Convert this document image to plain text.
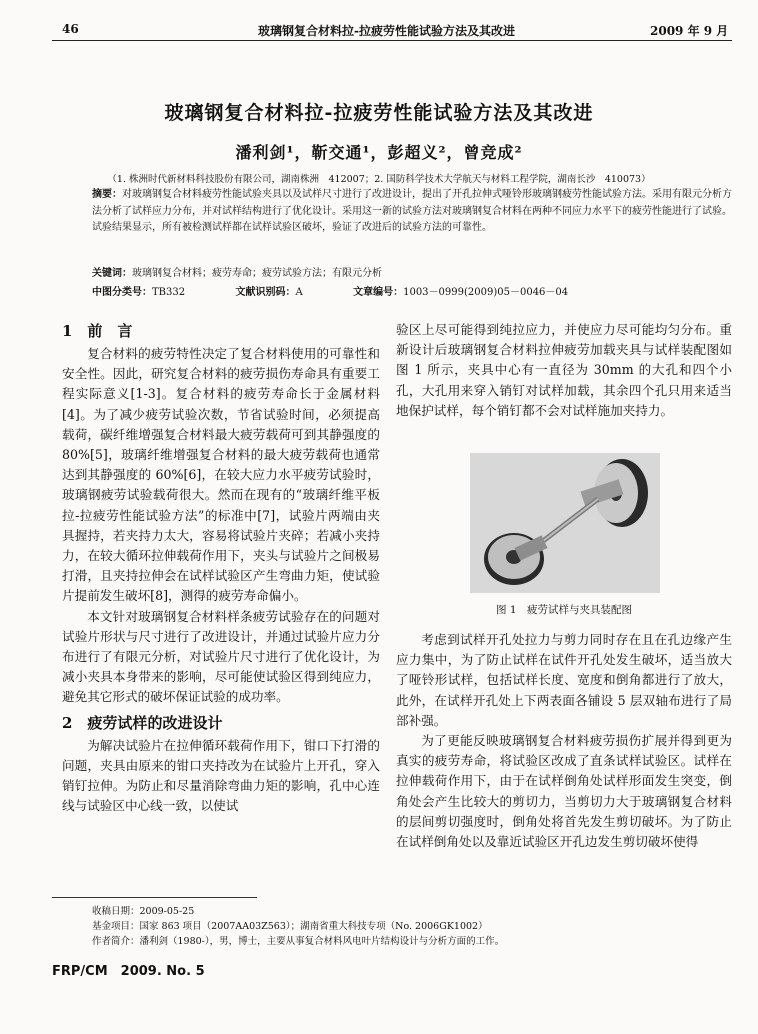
46	玻璃钢复合材料拉-拉疲劳性能试验方法及其改进	2009 年 9 月
玻璃钢复合材料拉-拉疲劳性能试验方法及其改进
潘利剑¹，靳交通¹，彭超义²，曾竞成²
（1. 株洲时代新材料科技股份有限公司，湖南株洲　412007；2. 国防科学技术大学航天与材料工程学院，湖南长沙　410073）
摘要：对玻璃钢复合材料疲劳性能试验夹具以及试样尺寸进行了改进设计，提出了开孔拉伸式哑铃形玻璃钢疲劳性能试验方法。采用有限元分析方法分析了试样应力分布，并对试样结构进行了优化设计。采用这一新的试验方法对玻璃钢复合材料在两种不同应力水平下的疲劳性能进行了试验。试验结果显示，所有被检测试样都在试样试验区破坏，验证了改进后的试验方法的可靠性。
关键词：玻璃钢复合材料；疲劳寿命；疲劳试验方法；有限元分析
中图分类号：TB332	文献识别码：A	文章编号：1003－0999(2009)05－0046－04
1　前　言

复合材料的疲劳特性决定了复合材料使用的可靠性和安全性。因此，研究复合材料的疲劳损伤寿命具有重要工程实际意义[1-3]。复合材料的疲劳寿命长于金属材料[4]。为了减少疲劳试验次数，节省试验时间，必须提高载荷，碳纤维增强复合材料最大疲劳载荷可到其静强度的 80%[5]，玻璃纤维增强复合材料的最大疲劳载荷也通常达到其静强度的 60%[6]，在较大应力水平疲劳试验时，玻璃钢疲劳试验载荷很大。然而在现有的“玻璃纤维平板拉-拉疲劳性能试验方法”的标准中[7]，试验片两端由夹具握持，若夹持力太大，容易将试验片夹碎；若减小夹持力，在较大循环拉伸载荷作用下，夹头与试验片之间极易打滑，且夹持拉伸会在试样试验区产生弯曲力矩，使试验片提前发生破坏[8]，测得的疲劳寿命偏小。

本文针对玻璃钢复合材料样条疲劳试验存在的问题对试验片形状与尺寸进行了改进设计，并通过试验片应力分布进行了有限元分析，对试验片尺寸进行了优化设计，为减小夹具本身带来的影响，尽可能使试验区得到纯应力，避免其它形式的破坏保证试验的成功率。

2　疲劳试样的改进设计

为解决试验片在拉伸循环载荷作用下，钳口下打滑的问题，夹具由原来的钳口夹持改为在试验片上开孔，穿入销钉拉伸。为防止和尽量消除弯曲力矩的影响，孔中心连线与试验区中心线一致，以使试

验区上尽可能得到纯拉应力，并使应力尽可能均匀分布。重新设计后玻璃钢复合材料拉伸疲劳加载夹具与试样装配图如图 1 所示，夹具中心有一直径为 30mm 的大孔和四个小孔，大孔用来穿入销钉对试样加载，其余四个孔只用来适当地保护试样，每个销钉都不会对试样施加夹持力。

图 1　疲劳试样与夹具装配图

考虑到试样开孔处拉力与剪力同时存在且在孔边缘产生应力集中，为了防止试样在试件开孔处发生破坏，适当放大了哑铃形试样，包括试样长度、宽度和倒角都进行了放大，此外，在试样开孔处上下两表面各铺设 5 层双轴布进行了局部补强。

为了更能反映玻璃钢复合材料疲劳损伤扩展并得到更为真实的疲劳寿命，将试验区改成了直条试样试验区。试样在拉伸载荷作用下，由于在试样倒角处试样形面发生突变，倒角处会产生比较大的剪切力，当剪切力大于玻璃钢复合材料的层间剪切强度时，倒角处将首先发生剪切破坏。为了防止在试样倒角处以及靠近试验区开孔边发生剪切破坏使得

收稿日期：2009-05-25
基金项目：国家 863 项目（2007AA03Z563）；湖南省重大科技专项（No. 2006GK1002）
作者简介：潘利剑（1980-），男，博士，主要从事复合材料风电叶片结构设计与分析方面的工作。
FRP/CM　2009. No. 5
